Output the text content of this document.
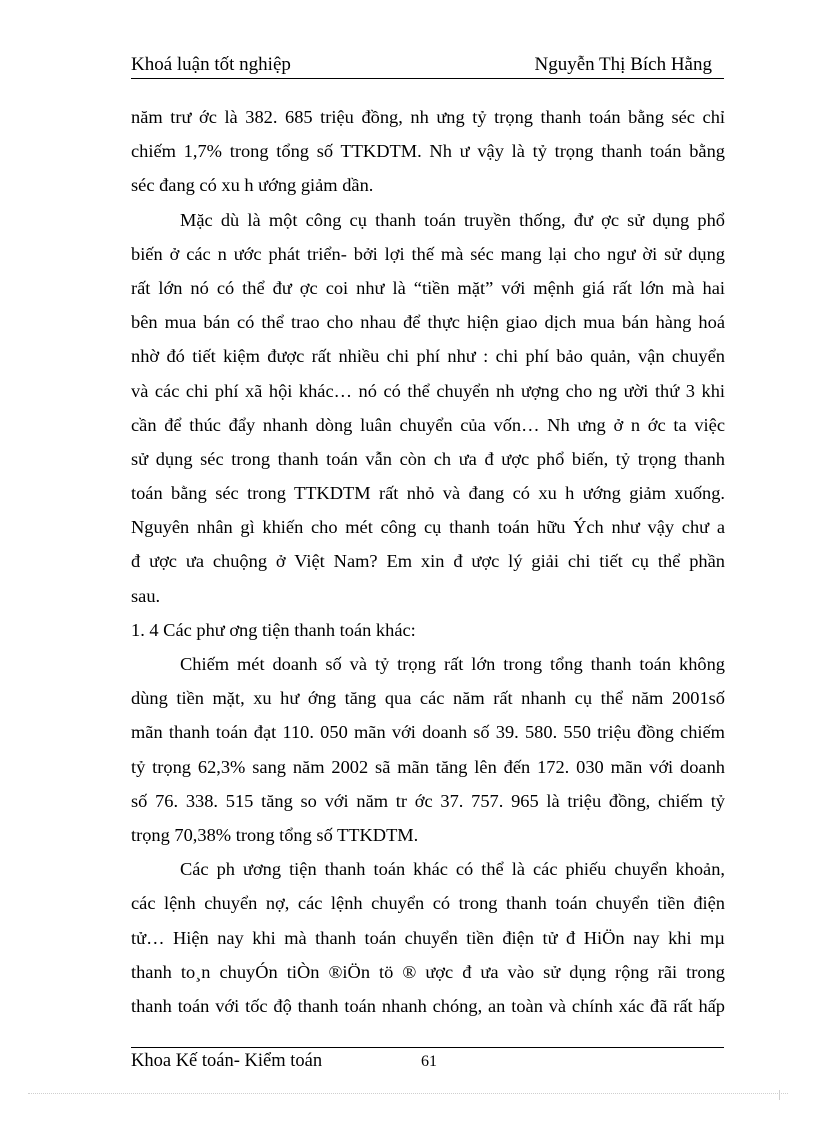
Khoá luận tốt nghiệp	Nguyễn Thị Bích Hằng
năm trư ớc là 382. 685 triệu đồng, nh ưng tỷ trọng thanh toán bằng séc chỉ
chiếm 1,7% trong tổng số TTKDTM. Nh ư vậy là tỷ trọng thanh toán bằng
séc đang có xu h ướng giảm dần.
Mặc dù là một công cụ thanh toán truyền thống, đư ợc sử dụng phổ
biến ở các n ước phát triển- bởi lợi thế mà séc mang lại cho ngư ời sử dụng
rất lớn nó có thể đư ợc coi như là “tiền mặt” với mệnh giá rất lớn mà hai
bên mua bán có thể trao cho nhau để thực hiện giao dịch mua bán hàng hoá
nhờ đó tiết kiệm được rất nhiều chi phí như : chi phí bảo quản, vận chuyển
và các chi phí xã hội khác… nó có thể chuyển nh ượng cho ng ười thứ 3 khi
cần để thúc đẩy nhanh dòng luân chuyển của vốn… Nh ưng ở n ớc ta việc
sử dụng séc trong thanh toán vẫn còn ch ưa đ ược phổ biến, tỷ trọng thanh
toán bằng séc trong TTKDTM rất nhỏ và đang có xu h ướng giảm xuống.
Nguyên nhân gì khiến cho mét công cụ thanh toán hữu Ých như vậy chư a
đ ược ưa chuộng ở Việt Nam? Em xin đ ược lý giải chi tiết cụ thể phần
sau.
1. 4 Các phư ơng tiện thanh toán khác:
Chiếm mét doanh số và tỷ trọng rất lớn trong tổng thanh toán không
dùng tiền mặt, xu hư ớng tăng qua các năm rất nhanh cụ thể năm 2001số
mãn thanh toán đạt 110. 050 mãn với doanh số 39. 580. 550 triệu đồng chiếm
tỷ trọng 62,3% sang năm 2002 sã mãn tăng lên đến 172. 030 mãn với doanh
số 76. 338. 515 tăng so với năm tr ớc 37. 757. 965 là triệu đồng, chiếm tỷ
trọng 70,38% trong tổng số TTKDTM.
Các ph ương tiện thanh toán khác có thể là các phiếu chuyển khoản,
các lệnh chuyển nợ, các lệnh chuyển có trong thanh toán chuyển tiền điện
tử… Hiện nay khi mà thanh toán chuyển tiền điện tử đ HiÖn nay khi mµ
thanh to¸n chuyÓn tiÒn ®iÖn tö ® ược đ ưa vào sử dụng rộng rãi trong
thanh toán với tốc độ thanh toán nhanh chóng, an toàn và chính xác đã rất hấp
Khoa Kế toán- Kiểm toán	61
